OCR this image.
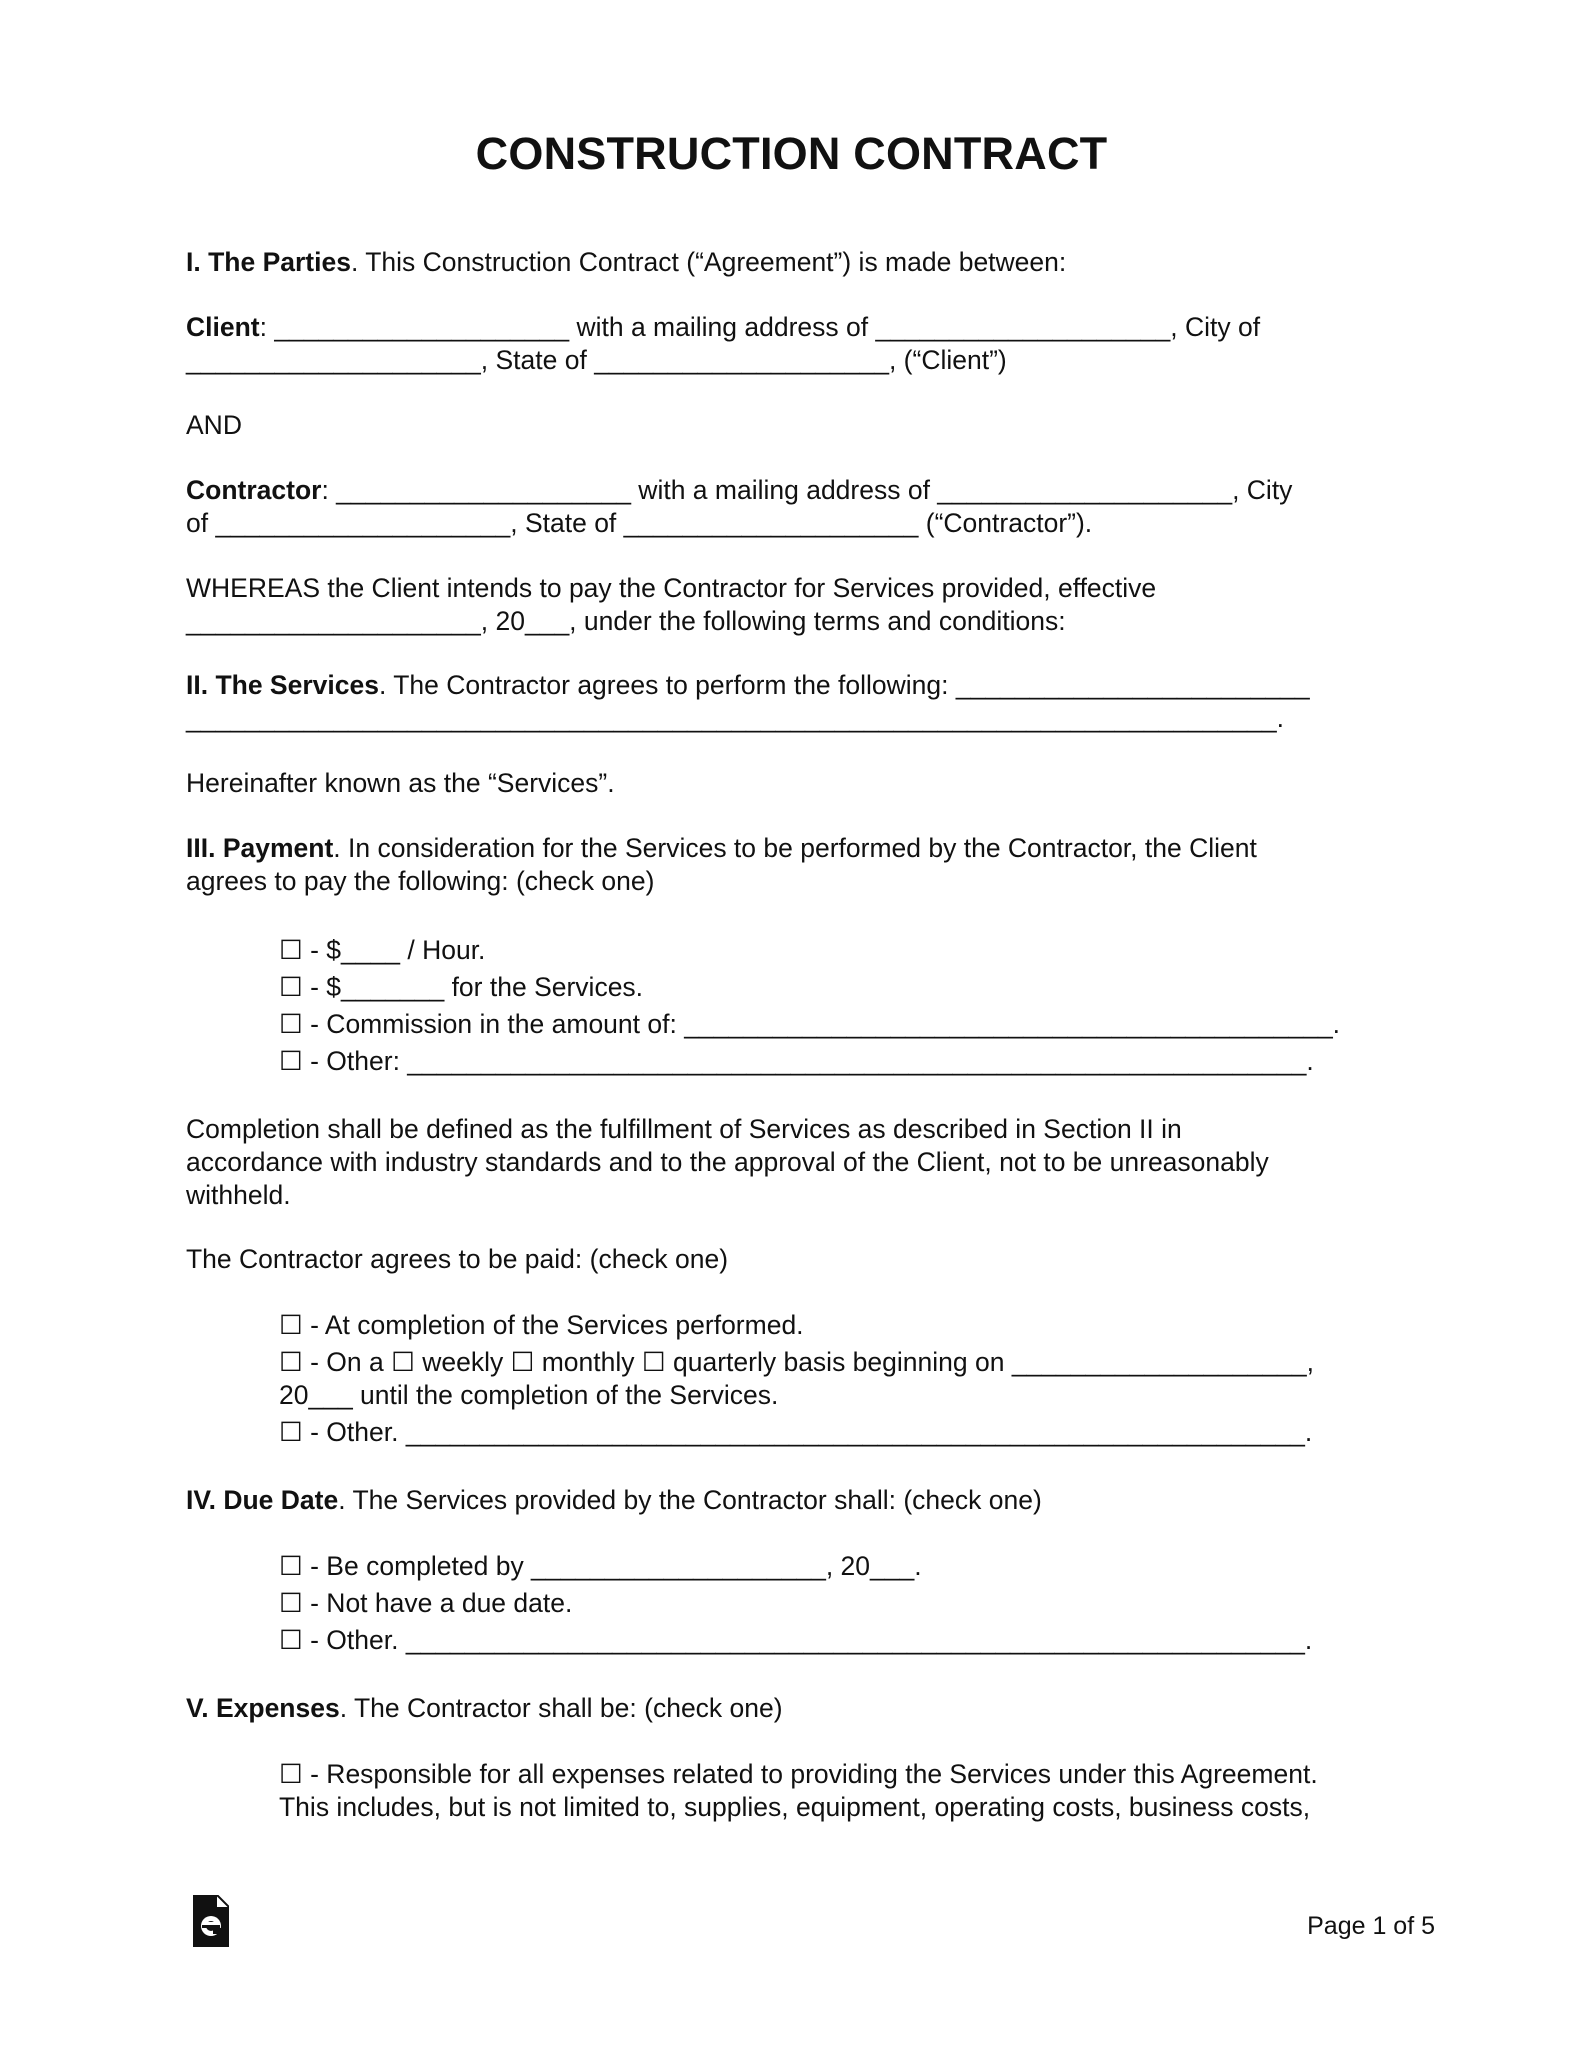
CONSTRUCTION CONTRACT
I. The Parties. This Construction Contract (“Agreement”) is made between:
Client: ____________________ with a mailing address of ____________________, City of
____________________, State of ____________________, (“Client”)
AND
Contractor: ____________________ with a mailing address of ____________________, City
of ____________________, State of ____________________ (“Contractor”).
WHEREAS the Client intends to pay the Contractor for Services provided, effective
____________________, 20___, under the following terms and conditions:
II. The Services. The Contractor agrees to perform the following: ________________________
__________________________________________________________________________.
Hereinafter known as the “Services”.
III. Payment. In consideration for the Services to be performed by the Contractor, the Client
agrees to pay the following: (check one)
☐ - $____ / Hour.
☐ - $_______ for the Services.
☐ - Commission in the amount of: ____________________________________________.
☐ - Other: _____________________________________________________________.
Completion shall be defined as the fulfillment of Services as described in Section II in
accordance with industry standards and to the approval of the Client, not to be unreasonably
withheld.
The Contractor agrees to be paid: (check one)
☐ - At completion of the Services performed.
☐ - On a ☐ weekly ☐ monthly ☐ quarterly basis beginning on ____________________,
20___ until the completion of the Services.
☐ - Other. _____________________________________________________________.
IV. Due Date. The Services provided by the Contractor shall: (check one)
☐ - Be completed by ____________________, 20___.
☐ - Not have a due date.
☐ - Other. _____________________________________________________________.
V. Expenses. The Contractor shall be: (check one)
☐ - Responsible for all expenses related to providing the Services under this Agreement.
This includes, but is not limited to, supplies, equipment, operating costs, business costs,
Page 1 of 5
